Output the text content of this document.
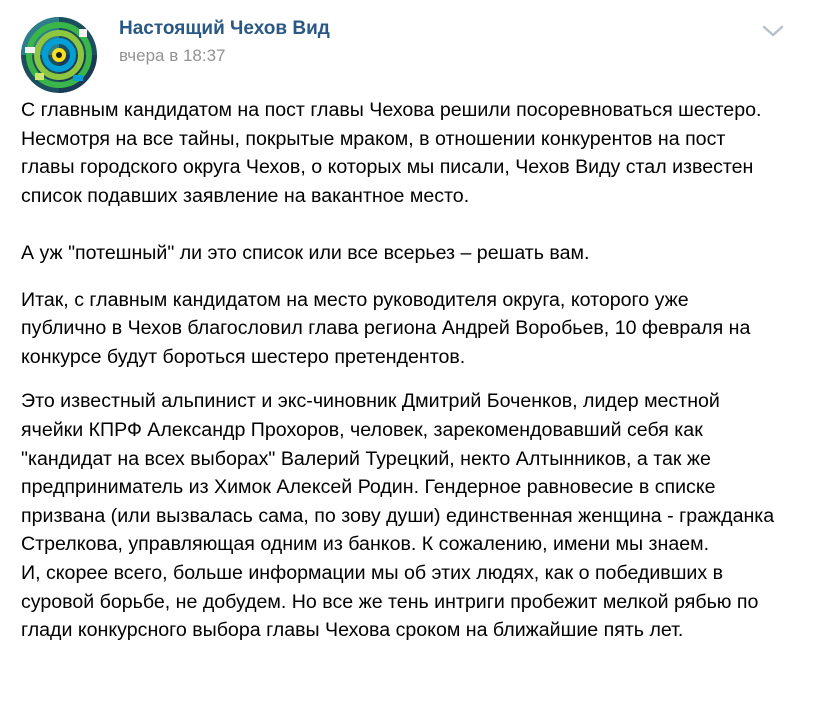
Настоящий Чехов Вид
вчера в 18:37

С главным кандидатом на пост главы Чехова решили посоревноваться шестеро.
Несмотря на все тайны, покрытые мраком, в отношении конкурентов на пост
главы городского округа Чехов, о которых мы писали, Чехов Виду стал известен
список подавших заявление на вакантное место.

А уж "потешный" ли это список или все всерьез – решать вам.

Итак, с главным кандидатом на место руководителя округа, которого уже
публично в Чехов благословил глава региона Андрей Воробьев, 10 февраля на
конкурсе будут бороться шестеро претендентов.

Это известный альпинист и экс-чиновник Дмитрий Боченков, лидер местной
ячейки КПРФ Александр Прохоров, человек, зарекомендовавший себя как
"кандидат на всех выборах" Валерий Турецкий, некто Алтынников, а так же
предприниматель из Химок Алексей Родин. Гендерное равновесие в списке
призвана (или вызвалась сама, по зову души) единственная женщина - гражданка
Стрелкова, управляющая одним из банков. К сожалению, имени мы знаем.
И, скорее всего, больше информации мы об этих людях, как о победивших в
суровой борьбе, не добудем. Но все же тень интриги пробежит мелкой рябью по
глади конкурсного выбора главы Чехова сроком на ближайшие пять лет.
